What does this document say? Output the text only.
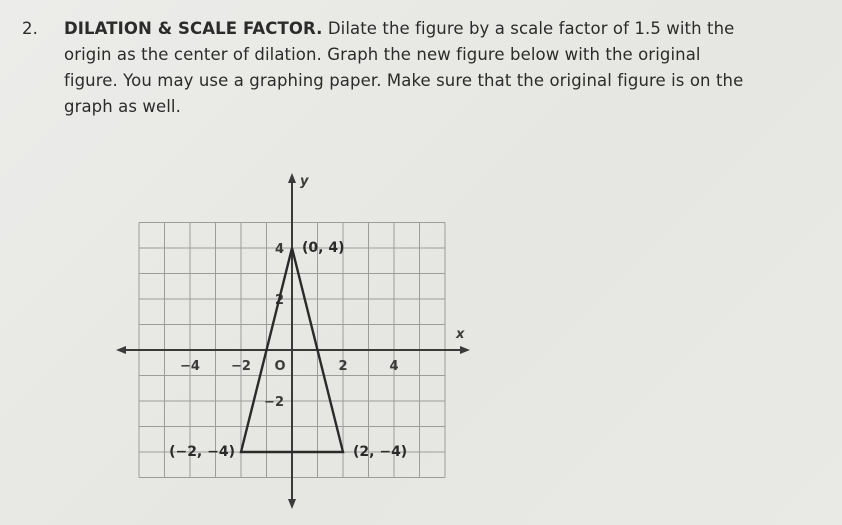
2. DILATION & SCALE FACTOR. Dilate the figure by a scale factor of 1.5 with the
origin as the center of dilation. Graph the new figure below with the original
figure. You may use a graphing paper. Make sure that the original figure is on the
graph as well.
y
x
−4 −2	2	4
4
2
−2
O
(0, 4)
(−2, −4)	(2, −4)
